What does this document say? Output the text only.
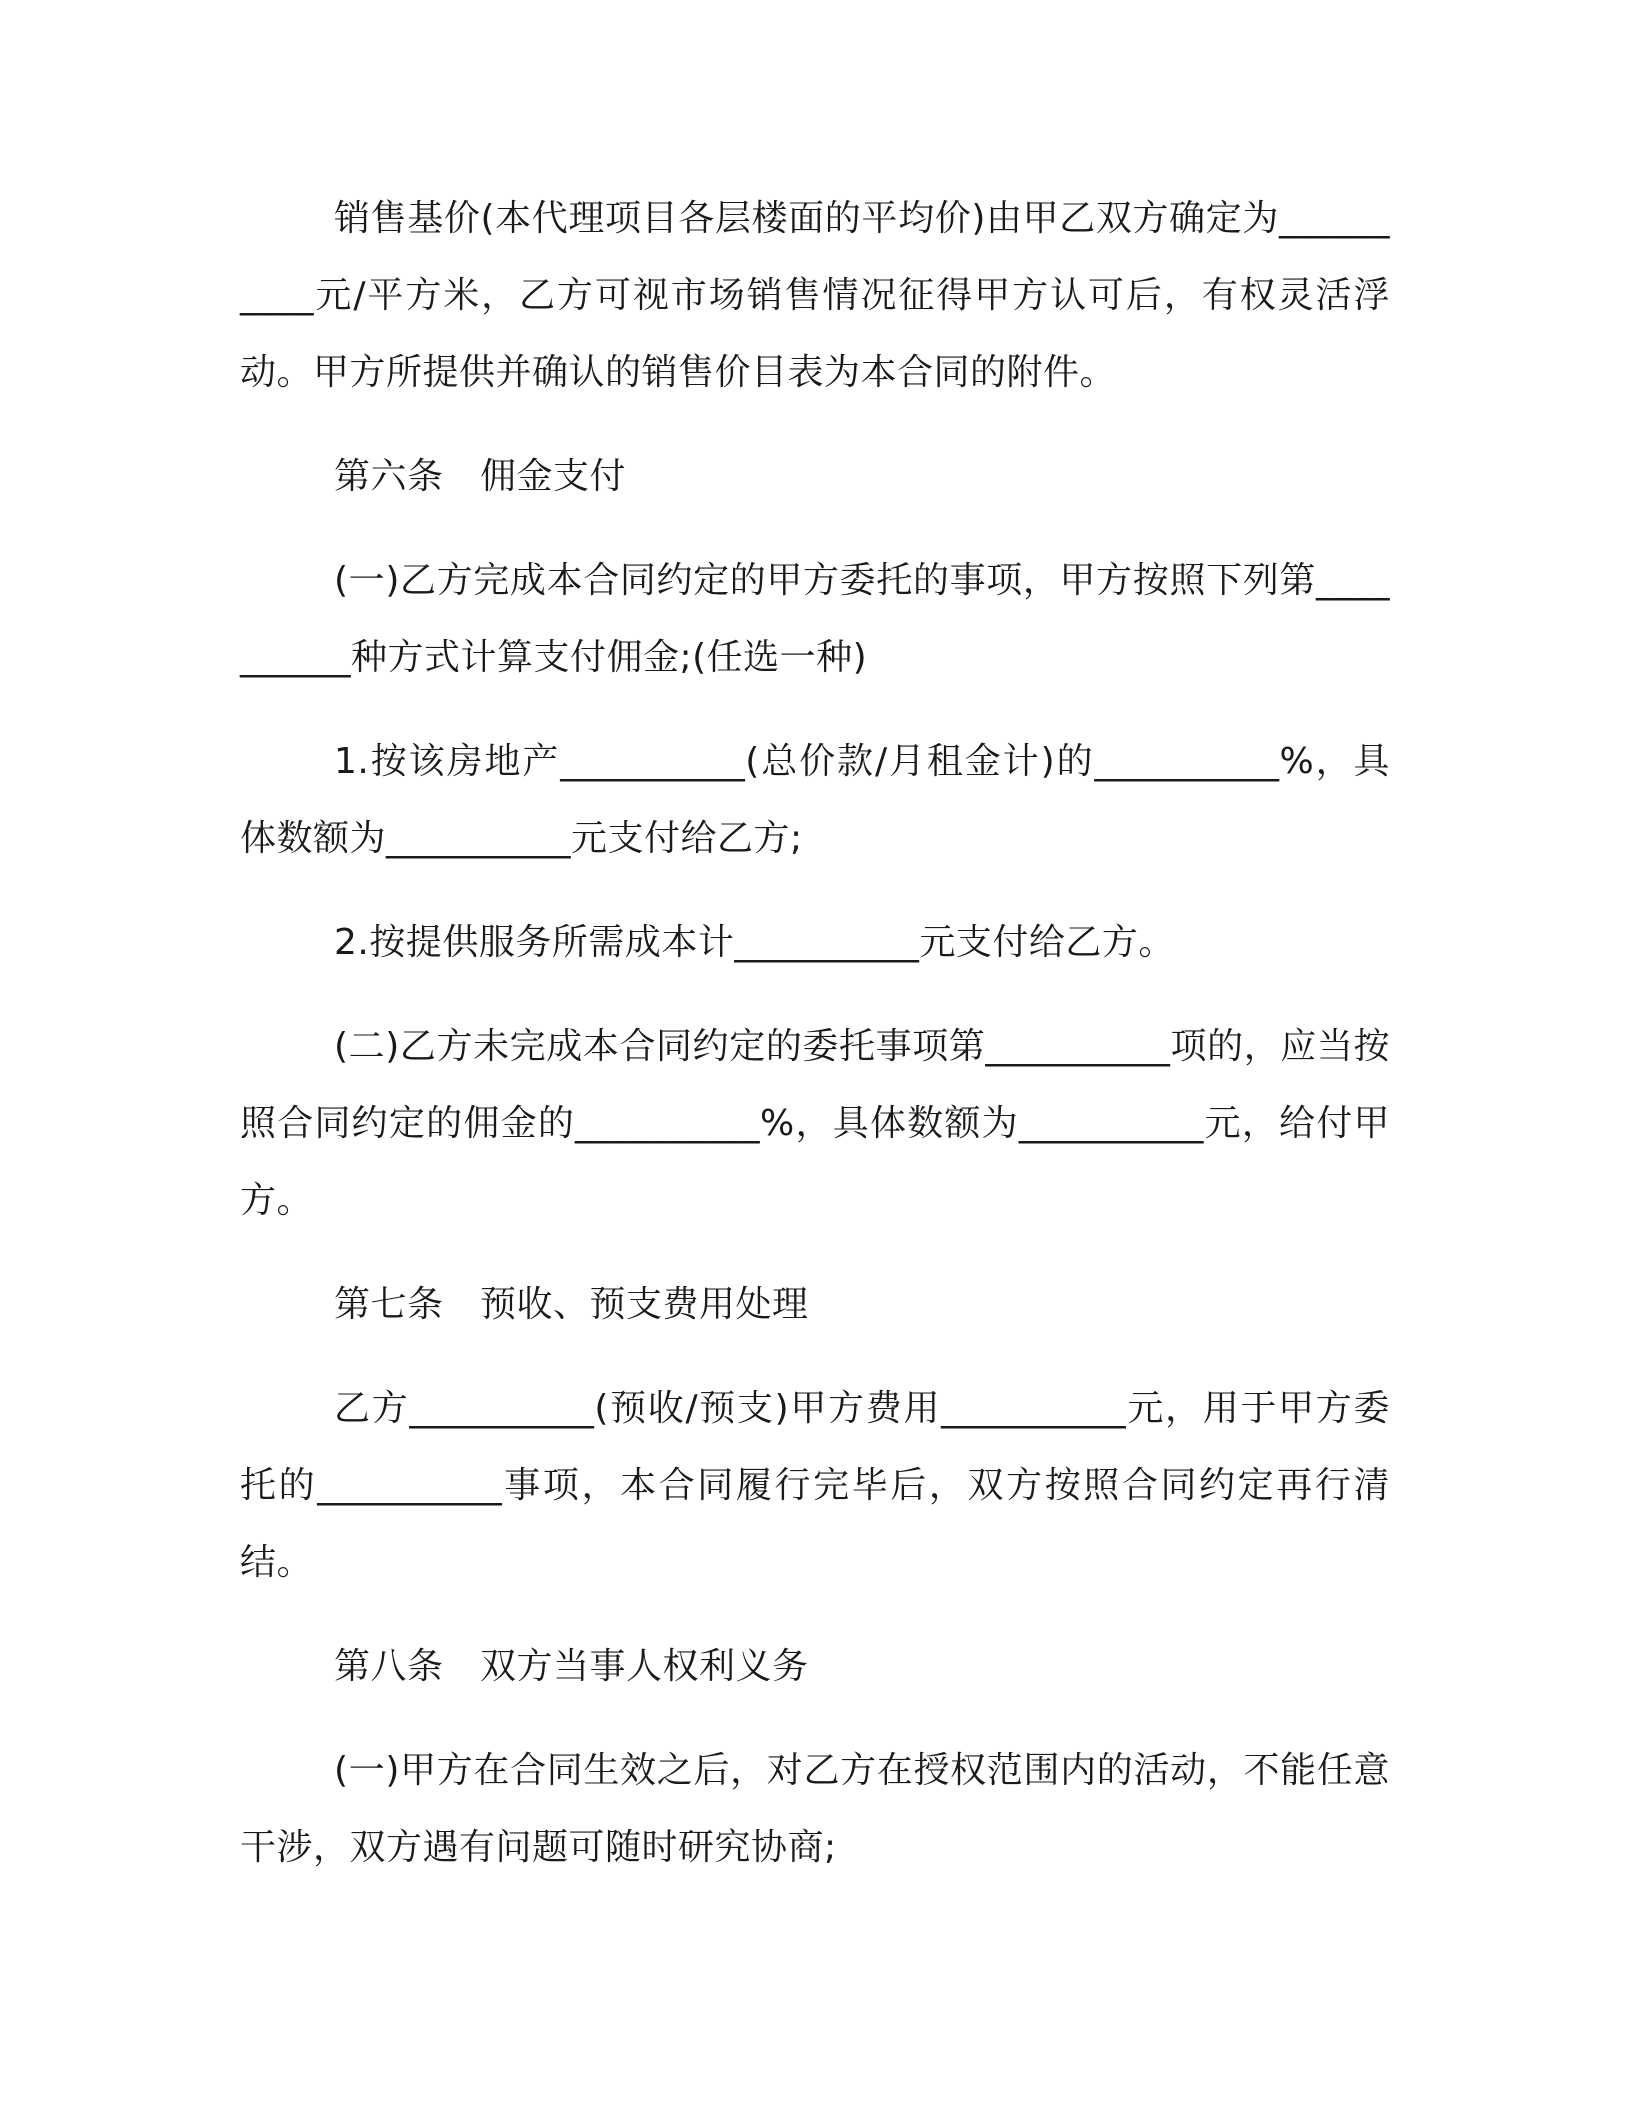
销售基价(本代理项目各层楼面的平均价)由甲乙双方确定为__________元/平方米，乙方可视市场销售情况征得甲方认可后，有权灵活浮动。甲方所提供并确认的销售价目表为本合同的附件。

第六条　佣金支付

(一)乙方完成本合同约定的甲方委托的事项，甲方按照下列第__________种方式计算支付佣金;(任选一种)

1.按该房地产__________(总价款/月租金计)的__________%，具体数额为__________元支付给乙方;

2.按提供服务所需成本计__________元支付给乙方。

(二)乙方未完成本合同约定的委托事项第__________项的，应当按照合同约定的佣金的__________%，具体数额为__________元，给付甲方。

第七条　预收、预支费用处理

乙方__________(预收/预支)甲方费用__________元，用于甲方委托的__________事项，本合同履行完毕后，双方按照合同约定再行清结。

第八条　双方当事人权利义务

(一)甲方在合同生效之后，对乙方在授权范围内的活动，不能任意干涉，双方遇有问题可随时研究协商;
